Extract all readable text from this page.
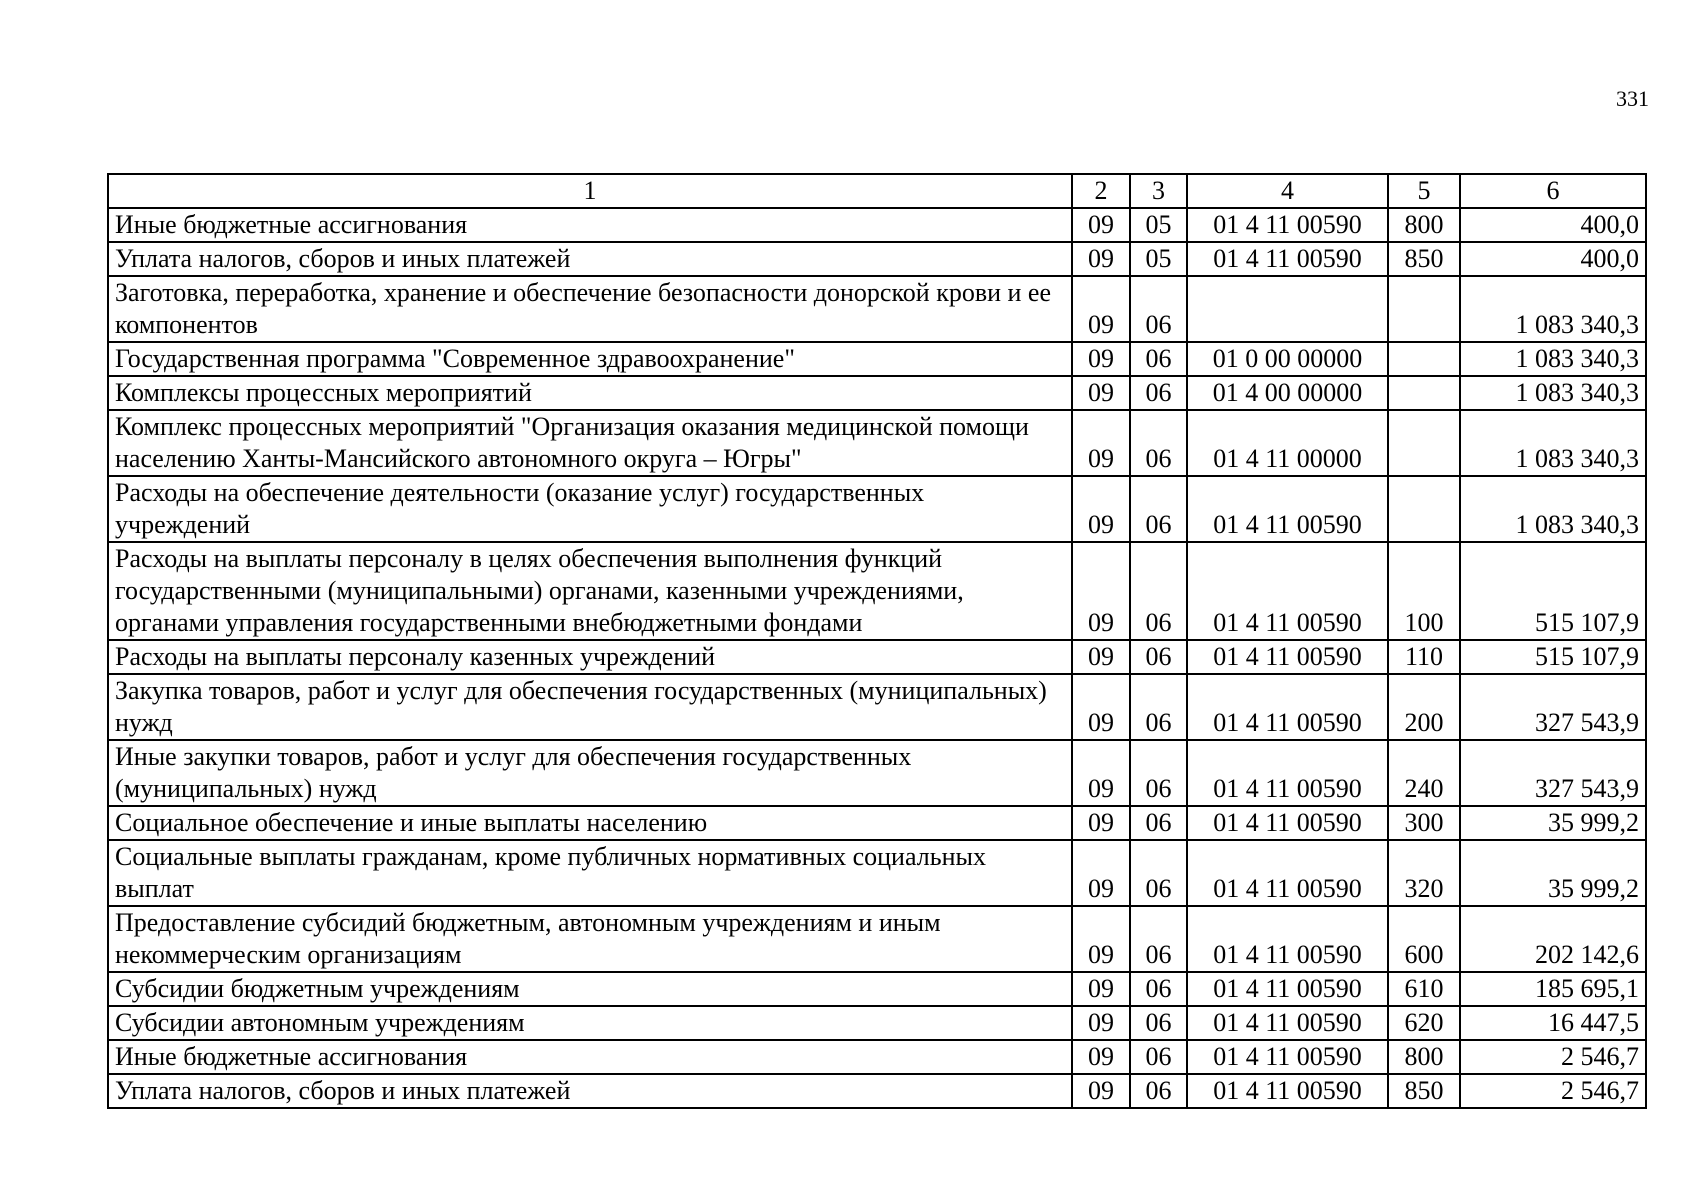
331
1	2	3	4	5	6
Иные бюджетные ассигнования	09	05	01 4 11 00590	800	400,0
Уплата налогов, сборов и иных платежей	09	05	01 4 11 00590	850	400,0
Заготовка, переработка, хранение и обеспечение безопасности донорской крови и ее компонентов	09	06			1 083 340,3
Государственная программа "Современное здравоохранение"	09	06	01 0 00 00000		1 083 340,3
Комплексы процессных мероприятий	09	06	01 4 00 00000		1 083 340,3
Комплекс процессных мероприятий "Организация оказания медицинской помощи населению Ханты-Мансийского автономного округа – Югры"	09	06	01 4 11 00000		1 083 340,3
Расходы на обеспечение деятельности (оказание услуг) государственных учреждений	09	06	01 4 11 00590		1 083 340,3
Расходы на выплаты персоналу в целях обеспечения выполнения функций государственными (муниципальными) органами, казенными учреждениями, органами управления государственными внебюджетными фондами	09	06	01 4 11 00590	100	515 107,9
Расходы на выплаты персоналу казенных учреждений	09	06	01 4 11 00590	110	515 107,9
Закупка товаров, работ и услуг для обеспечения государственных (муниципальных) нужд	09	06	01 4 11 00590	200	327 543,9
Иные закупки товаров, работ и услуг для обеспечения государственных (муниципальных) нужд	09	06	01 4 11 00590	240	327 543,9
Социальное обеспечение и иные выплаты населению	09	06	01 4 11 00590	300	35 999,2
Социальные выплаты гражданам, кроме публичных нормативных социальных выплат	09	06	01 4 11 00590	320	35 999,2
Предоставление субсидий бюджетным, автономным учреждениям и иным некоммерческим организациям	09	06	01 4 11 00590	600	202 142,6
Субсидии бюджетным учреждениям	09	06	01 4 11 00590	610	185 695,1
Субсидии автономным учреждениям	09	06	01 4 11 00590	620	16 447,5
Иные бюджетные ассигнования	09	06	01 4 11 00590	800	2 546,7
Уплата налогов, сборов и иных платежей	09	06	01 4 11 00590	850	2 546,7
